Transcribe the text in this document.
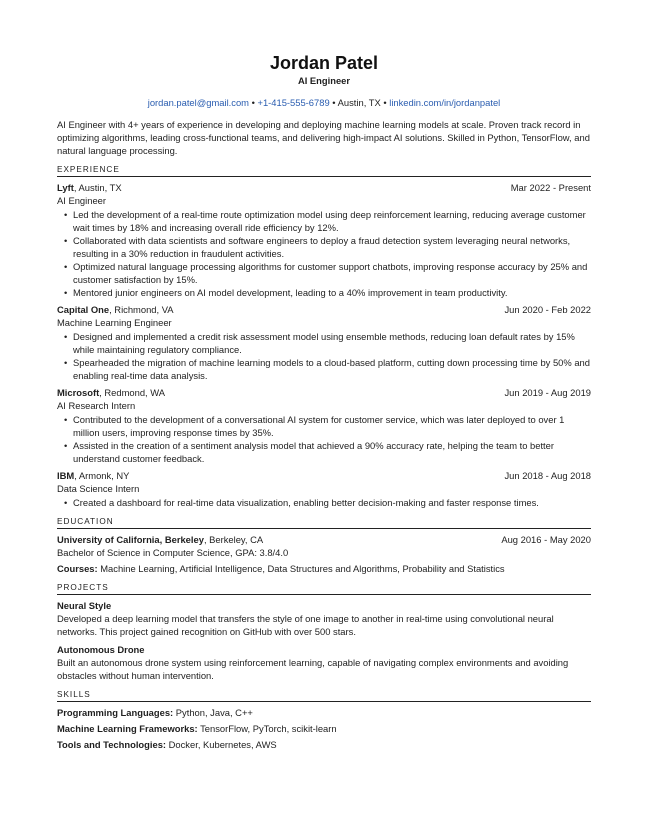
Jordan Patel
AI Engineer
jordan.patel@gmail.com • +1-415-555-6789 • Austin, TX • linkedin.com/in/jordanpatel
AI Engineer with 4+ years of experience in developing and deploying machine learning models at scale. Proven track record in optimizing algorithms, leading cross-functional teams, and delivering high-impact AI solutions. Skilled in Python, TensorFlow, and natural language processing.
EXPERIENCE
Lyft, Austin, TX	Mar 2022 - Present
AI Engineer
• Led the development of a real-time route optimization model using deep reinforcement learning, reducing average customer wait times by 18% and increasing overall ride efficiency by 12%.
• Collaborated with data scientists and software engineers to deploy a fraud detection system leveraging neural networks, resulting in a 30% reduction in fraudulent activities.
• Optimized natural language processing algorithms for customer support chatbots, improving response accuracy by 25% and customer satisfaction by 15%.
• Mentored junior engineers on AI model development, leading to a 40% improvement in team productivity.
Capital One, Richmond, VA	Jun 2020 - Feb 2022
Machine Learning Engineer
• Designed and implemented a credit risk assessment model using ensemble methods, reducing loan default rates by 15% while maintaining regulatory compliance.
• Spearheaded the migration of machine learning models to a cloud-based platform, cutting down processing time by 50% and enabling real-time data analysis.
Microsoft, Redmond, WA	Jun 2019 - Aug 2019
AI Research Intern
• Contributed to the development of a conversational AI system for customer service, which was later deployed to over 1 million users, improving response times by 35%.
• Assisted in the creation of a sentiment analysis model that achieved a 90% accuracy rate, helping the team to better understand customer feedback.
IBM, Armonk, NY	Jun 2018 - Aug 2018
Data Science Intern
• Created a dashboard for real-time data visualization, enabling better decision-making and faster response times.
EDUCATION
University of California, Berkeley, Berkeley, CA	Aug 2016 - May 2020
Bachelor of Science in Computer Science, GPA: 3.8/4.0
Courses: Machine Learning, Artificial Intelligence, Data Structures and Algorithms, Probability and Statistics
PROJECTS
Neural Style
Developed a deep learning model that transfers the style of one image to another in real-time using convolutional neural networks. This project gained recognition on GitHub with over 500 stars.
Autonomous Drone
Built an autonomous drone system using reinforcement learning, capable of navigating complex environments and avoiding obstacles without human intervention.
SKILLS
Programming Languages: Python, Java, C++
Machine Learning Frameworks: TensorFlow, PyTorch, scikit-learn
Tools and Technologies: Docker, Kubernetes, AWS
